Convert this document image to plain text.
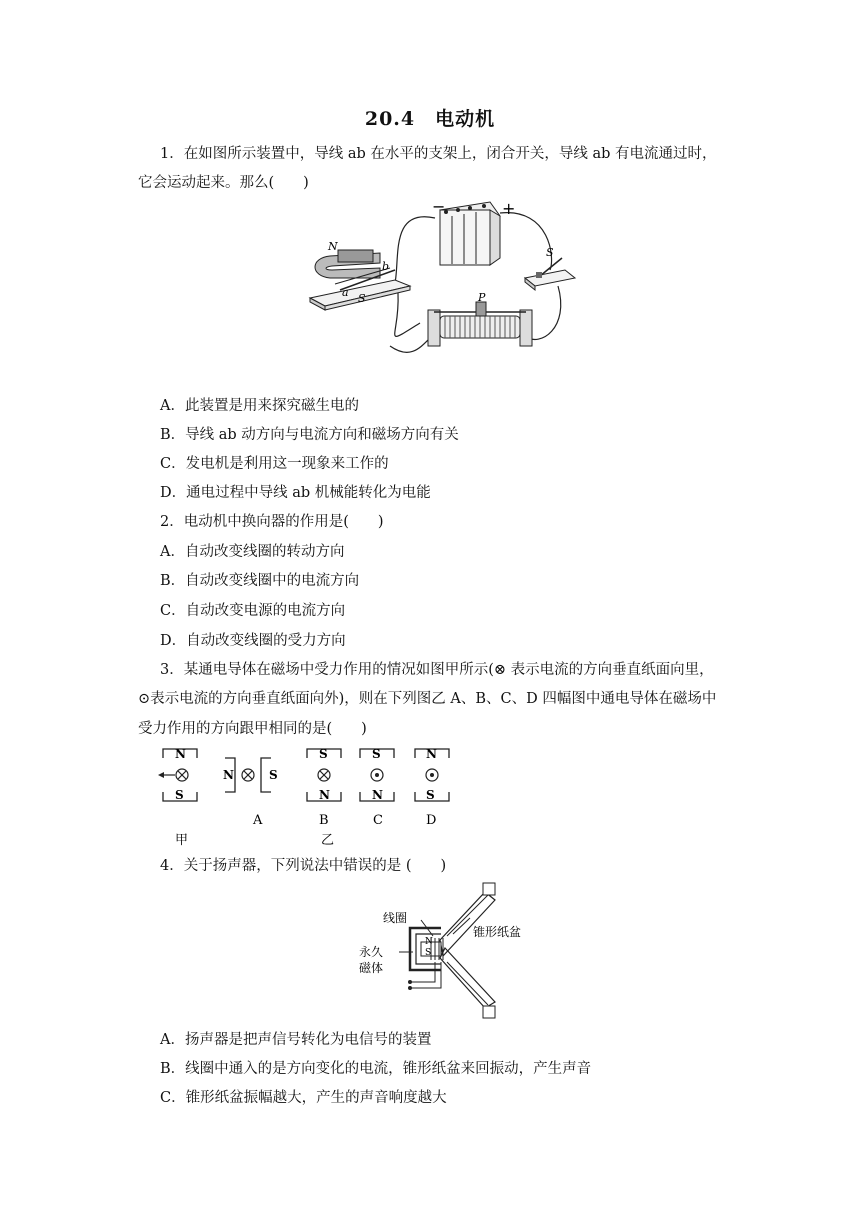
20.4　电动机
1．在如图所示装置中，导线 ab 在水平的支架上，闭合开关，导线 ab 有电流通过时，
它会运动起来。那么(　　)
−	+
N
b
a S
S
P
A．此装置是用来探究磁生电的
B．导线 ab 动方向与电流方向和磁场方向有关
C．发电机是利用这一现象来工作的
D．通电过程中导线 ab 机械能转化为电能
2．电动机中换向器的作用是(　　)
A．自动改变线圈的转动方向
B．自动改变线圈中的电流方向
C．自动改变电源的电流方向
D．自动改变线圈的受力方向
3．某通电导体在磁场中受力作用的情况如图甲所示(⊗ 表示电流的方向垂直纸面向里，
⊙表示电流的方向垂直纸面向外)，则在下列图乙 A、B、C、D 四幅图中通电导体在磁场中
受力作用的方向跟甲相同的是(　　)
N
S
甲
N	S
A
S
N
B
S
N
C
N
S
D
乙
4．关于扬声器，下列说法中错误的是 (　　)
线圈
锥形纸盆
永久
磁体
N
S
A．扬声器是把声信号转化为电信号的装置
B．线圈中通入的是方向变化的电流，锥形纸盆来回振动，产生声音
C．锥形纸盆振幅越大，产生的声音响度越大
